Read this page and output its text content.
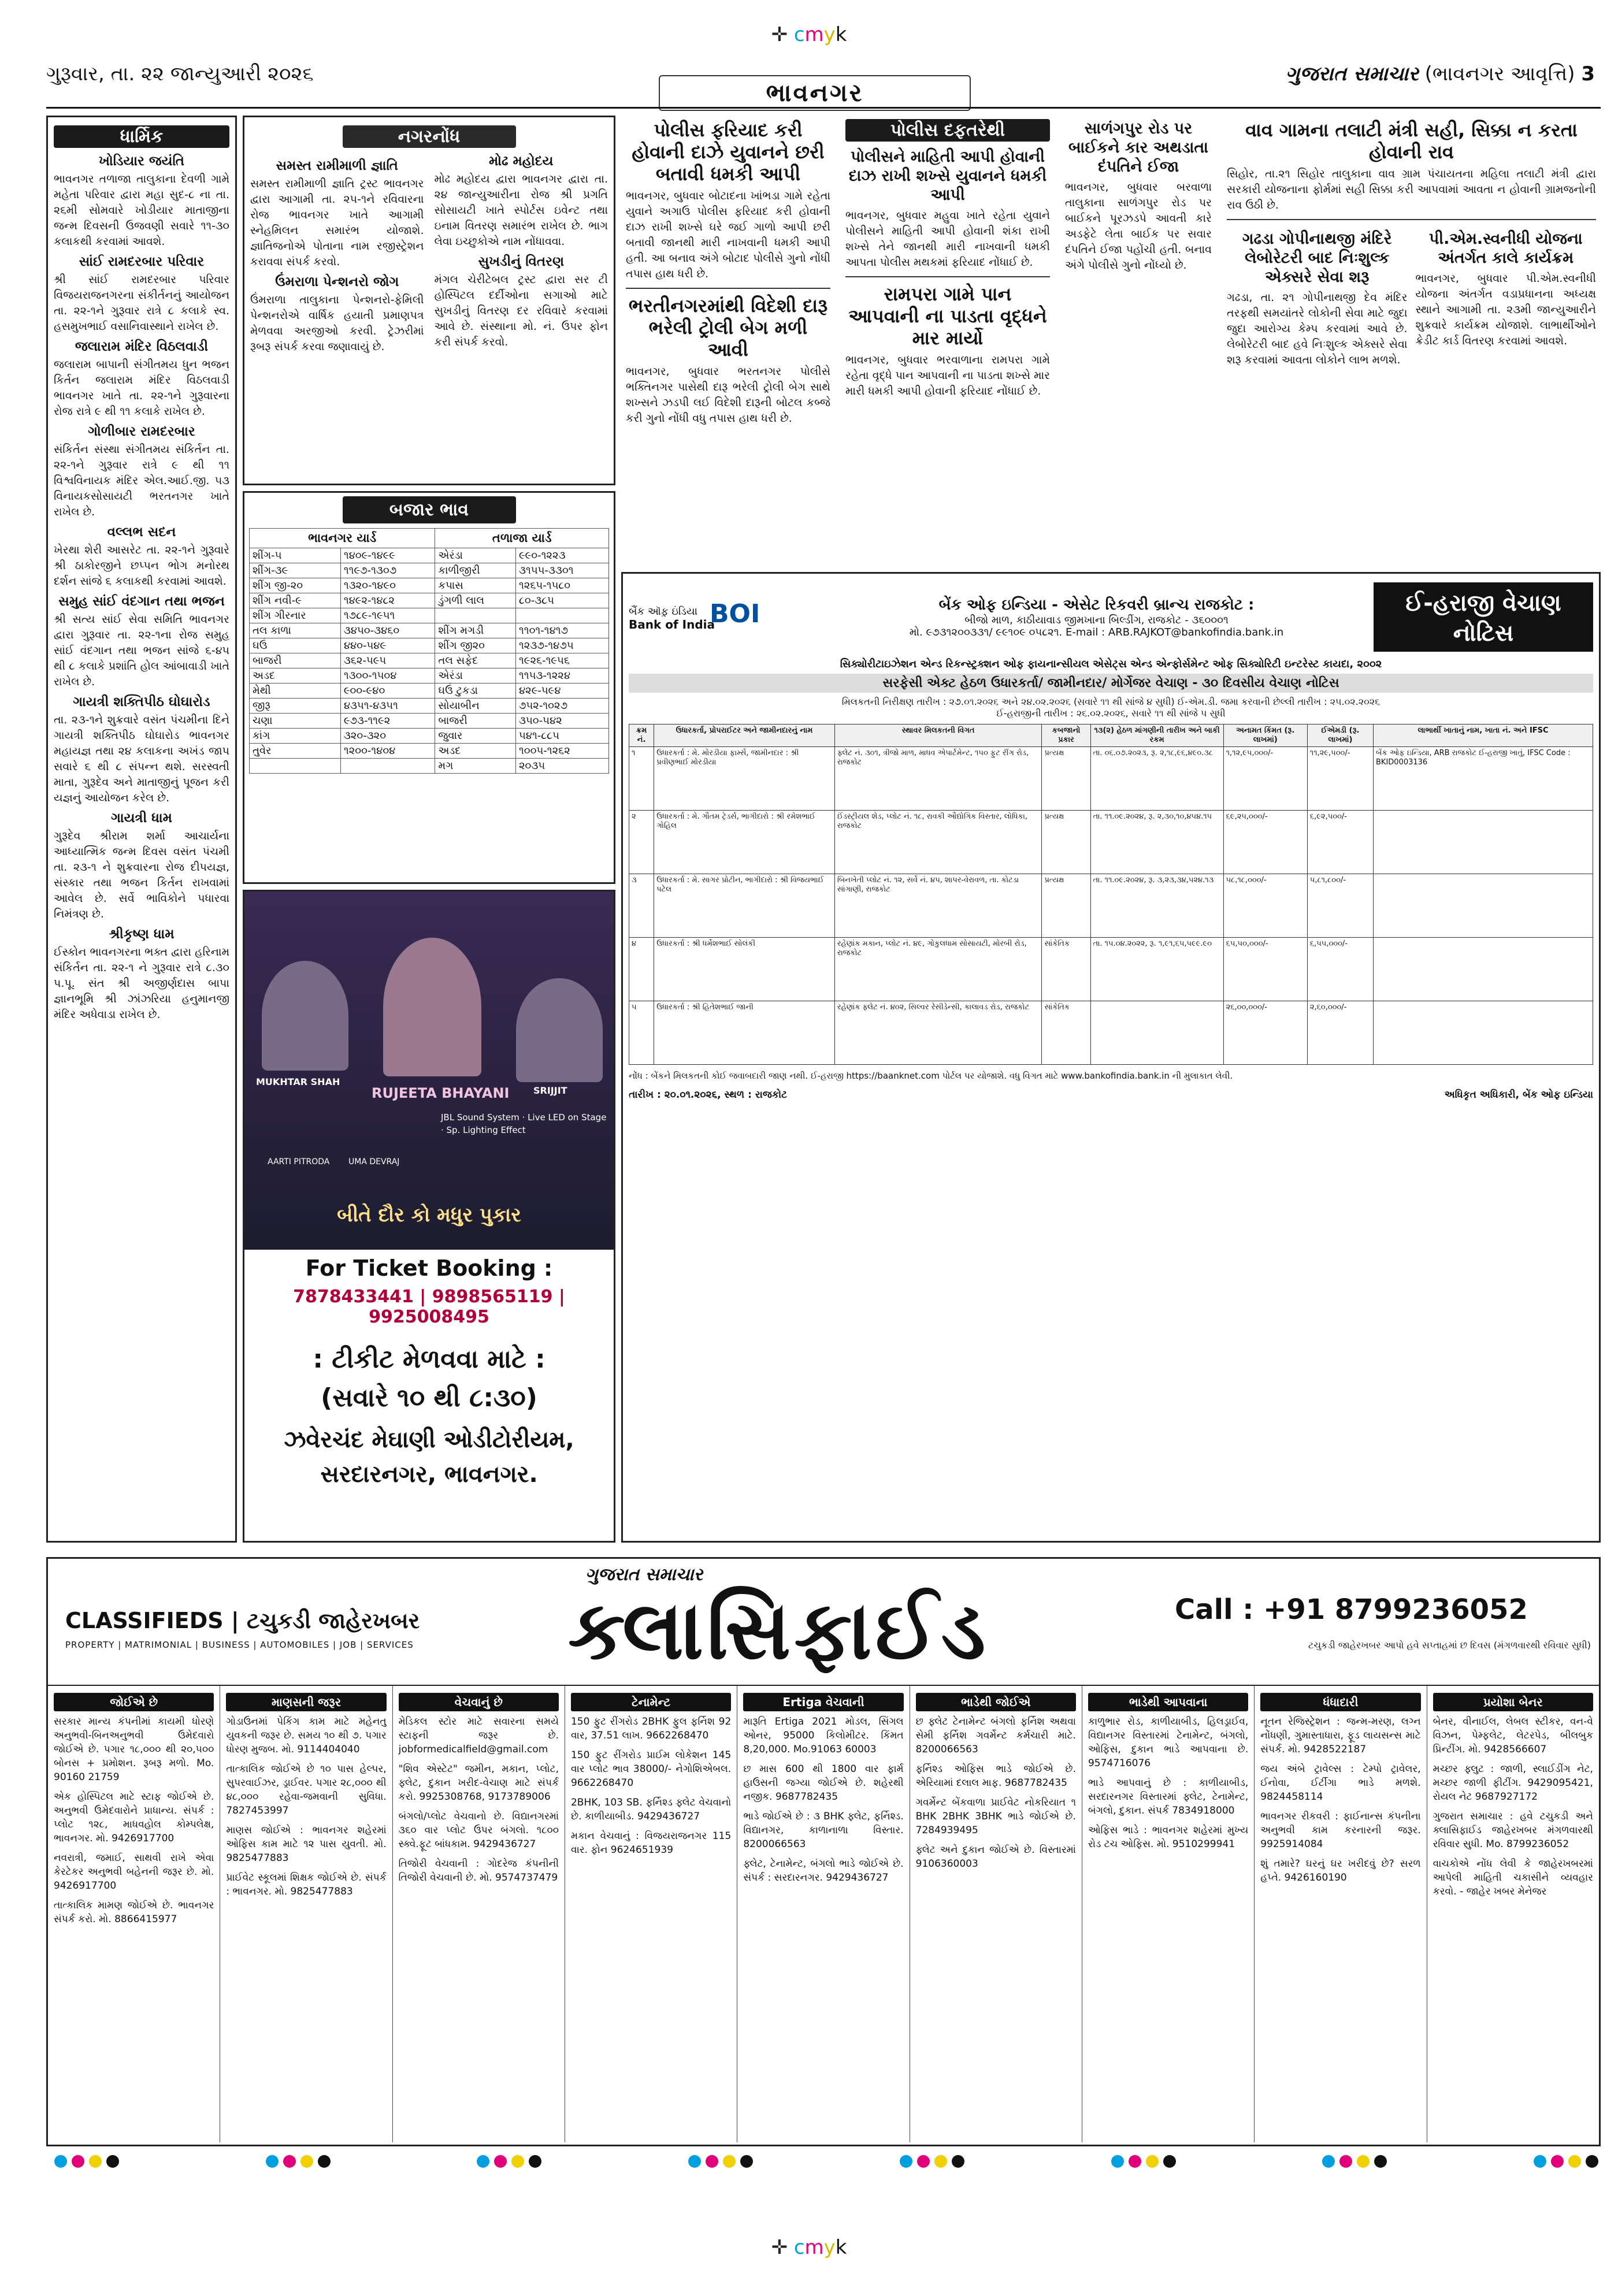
✛ cmyk
ગુરૂવાર, તા. ૨૨ જાન્યુઆરી ૨૦૨૬
ભાવનગર
ગુજરાત સમાચાર (ભાવનગર આવૃત્તિ) 3
ધાર્મિક
ખોડિયાર જયંતિ

ભાવનગર તળાજા તાલુકાના દેવળી ગામે મહેતા પરિવાર દ્વારા મહા સુદ-૮ ના તા. ૨૬મી સોમવારે ખોડીયાર માતાજીના જન્મ દિવસની ઉજવણી સવારે ૧૧-૩૦ કલાકથી કરવામાં આવશે.

સાંઈ રામદરબાર પરિવાર

શ્રી સાંઈ રામદરબાર પરિવાર વિજયરાજનગરના સંકીર્તનનું આયોજન તા. ૨૨-૧ને ગુરૂવાર રાત્રે ૮ કલાકે સ્વ. હસમુખભાઈ વસાનિવાસ્થાને રાખેલ છે.

જલારામ મંદિર વિઠલવાડી

જલારામ બાપાની સંગીતમય ધુન ભજન કિર્તન જલારામ મંદિર વિઠલવાડી ભાવનગર ખાતે તા. ૨૨-૧ને ગુરૂવારના રોજ રાત્રે ૯ થી ૧૧ કલાકે રાખેલ છે.

ગોળીબાર રામદરબાર

સંકિર્તન સંસ્થા સંગીતમય સંકિર્તન તા. ૨૨-૧ને ગુરૂવાર રાત્રે ૯ થી ૧૧ વિશ્વવિનાયક મંદિર એલ.આઈ.જી. ૫૩ વિનાયકસોસાયટી ભરતનગર ખાતે રાખેલ છે.

વલ્લભ સદન

ખેરથા શેરી આસરેટ તા. ૨૨-૧ને ગુરૂવારે શ્રી ઠાકોરજીને છપ્પન ભોગ મનોરથ દર્શન સાંજે ૬ કલાકથી કરવામાં આવશે.

સમુહ સાંઈ વંદગાન તથા ભજન

શ્રી સત્ય સાંઈ સેવા સમિતિ ભાવનગર દ્વારા ગુરૂવાર તા. ૨૨-૧ના રોજ સમુહ સાંઈ વંદગાન તથા ભજન સાંજે ૬-૪૫ થી ૮ કલાકે પ્રશાંતિ હોલ આંબાવાડી ખાતે રાખેલ છે.

ગાયત્રી શક્તિપીઠ ઘોઘારોડ

તા. ૨૩-૧ને શુક્રવારે વસંત પંચમીના દિને ગાયત્રી શક્તિપીઠ ઘોઘારોડ ભાવનગર મહાયજ્ઞ તથા ૨૪ કલાકના અખંડ જાપ સવારે ૬ થી ૮ સંપન્ન થશે. સરસ્વતી માતા, ગુરૂદેવ અને માતાજીનું પૂજન કરી યજ્ઞનું આયોજન કરેલ છે.

ગાયત્રી ધામ

ગુરૂદેવ શ્રીરામ શર્મા આચાર્યના આધ્યાત્મિક જન્મ દિવસ વસંત પંચમી તા. ૨૩-૧ ને શુક્રવારના રોજ દીપયજ્ઞ, સંસ્કાર તથા ભજન કિર્તન રાખવામાં આવેલ છે. સર્વે ભાવિકોને પધારવા નિમંત્રણ છે.

શ્રીકૃષ્ણ ધામ

ઈસ્કોન ભાવનગરના ભક્ત દ્વારા હરિનામ સંકિર્તન તા. ૨૨-૧ ને ગુરૂવાર રાત્રે ૮.૩૦ પ.પૂ. સંત શ્રી અજીર્ણદાસ બાપા જ્ઞાનભૂમિ શ્રી ઝાંઝરિયા હનુમાનજી મંદિર અધેવાડા રાખેલ છે.

નગરનોંધ
સમસ્ત રામીમાળી જ્ઞાતિ

સમસ્ત રામીમાળી જ્ઞાતિ ટ્રસ્ટ ભાવનગર દ્વારા આગામી તા. ૨૫-૧ને રવિવારના રોજ ભાવનગર ખાતે આગામી સ્નેહમિલન સમારંભ યોજાશે. જ્ઞાતિજનોએ પોતાના નામ રજીસ્ટ્રેશન કરાવવા સંપર્ક કરવો.

ઉંમરાળા પેન્શનરો જોગ

ઉંમરાળા તાલુકાના પેન્શનરો-ફેમિલી પેન્શનરોએ વાર્ષિક હયાતી પ્રમાણપત્ર મેળવવા અરજીઓ કરવી. ટ્રેઝરીમાં રૂબરૂ સંપર્ક કરવા જણાવાયું છે.

મોઢ મહોદય

મોઢ મહોદય દ્વારા ભાવનગર દ્વારા તા. ૨૪ જાન્યુઆરીના રોજ શ્રી પ્રગતિ સોસાયટી ખાતે સ્પોર્ટસ ઇવેન્ટ તથા ઇનામ વિતરણ સમારંભ રાખેલ છે. ભાગ લેવા ઇચ્છુકોએ નામ નોંધાવવા.

સુખડીનું વિતરણ

મંગલ ચેરીટેબલ ટ્રસ્ટ દ્વારા સર ટી હોસ્પિટલ દર્દીઓના સગાઓ માટે સુખડીનું વિતરણ દર રવિવારે કરવામાં આવે છે. સંસ્થાના મો. નં. ઉપર ફોન કરી સંપર્ક કરવો.

બજાર ભાવ
ભાવનગર યાર્ડ		તળાજા યાર્ડ	
શીંગ-૫	૧૪૦૯-૧૪૯૯	એરંડા	૯૯૦-૧૨૨૩
શીંગ-૩૯	૧૧૯૭-૧૩૦૭	કાળીજીરી	૩૧૫૫-૩૩૦૧
શીંગ જી-૨૦	૧૩૨૦-૧૪૯૦	કપાસ	૧૨૬૫-૧૫૮૦
શીંગ નવી-૯	૧૪૯૨-૧૪૮૨	ડુંગળી લાલ	૮૦-૩૮૫
શીંગ ગીરનાર	૧૭૮૯-૧૯૫૧		
તલ કાળા	૩૪૫૦-૩૪૬૦	શીંગ મગડી	૧૧૦૧-૧૪૧૭
ઘઉં	૪૪૦-૫૪૯	શીંગ જી૨૦	૧૨૩૭-૧૪૭૫
બાજરી	૩૬૨-૫૯૫	તલ સફેદ	૧૯૨૬-૧૯૫૬
અડદ	૧૩૦૦-૧૫૦૪	એરંડા	૧૧૫૩-૧૨૨૪
મેથી	૯૦૦-૯૪૦	ઘઉં ટુકડા	૪૨૯-૫૯૪
જીરૂ	૪૩૫૧-૪૩૫૧	સોયાબીન	૭૫૨-૧૦૨૭
ચણા	૯૭૩-૧૧૯૨	બાજરી	૩૫૦-૫૪૨
કાંગ	૩૨૦-૩૨૦	જુવાર	૫૪૧-૮૮૫
તુવેર	૧૨૦૦-૧૪૦૪	અડદ	૧૦૦૫-૧૨૬૨
		મગ	૨૦૩૫
MUKHTAR SHAH
RUJEETA BHAYANI	SRIJJIT
AARTI PITRODA UMA DEVRAJ
JBL Sound System · Live LED on Stage · Sp. Lighting Effect
બીતે દૌર કો મધુર પુકાર
For Ticket Booking :
7878433441 | 9898565119 | 9925008495
: ટીકીટ મેળવવા માટે :
(સવારે ૧૦ થી ૮:૩૦)
ઝવેરચંદ મેઘાણી ઓડીટોરીયમ,
સરદારનગર, ભાવનગર.
પોલીસ ફરિયાદ કરી હોવાની દાઝે યુવાનને છરી બતાવી ધમકી આપી

ભાવનગર, બુધવાર બોટાદના ખાંભડા ગામે રહેતા યુવાને અગાઉ પોલીસ ફરિયાદ કરી હોવાની દાઝ રાખી શખ્સે ઘરે જઈ ગાળો આપી છરી બતાવી જાનથી મારી નાખવાની ધમકી આપી હતી. આ બનાવ અંગે બોટાદ પોલીસે ગુનો નોંધી તપાસ હાથ ધરી છે.

ભરતીનગરમાંથી વિદેશી દારૂ ભરેલી ટ્રોલી બેગ મળી આવી

ભાવનગર, બુધવાર ભરતનગર પોલીસે ભક્તિનગર પાસેથી દારૂ ભરેલી ટ્રોલી બેગ સાથે શખ્સને ઝડપી લઈ વિદેશી દારૂની બોટલ કબ્જે કરી ગુનો નોંધી વધુ તપાસ હાથ ધરી છે.

પોલીસ દફતરેથી
પોલીસને માહિતી આપી હોવાની દાઝ રાખી શખ્સે યુવાનને ધમકી આપી

ભાવનગર, બુધવાર મહુવા ખાતે રહેતા યુવાને પોલીસને માહિતી આપી હોવાની શંકા રાખી શખ્સે તેને જાનથી મારી નાખવાની ધમકી આપતા પોલીસ મથકમાં ફરિયાદ નોંધાઈ છે.

રામપરા ગામે પાન આપવાની ના પાડતા વૃદ્ધને માર માર્યો

ભાવનગર, બુધવાર ભરવાળાના રામપરા ગામે રહેતા વૃદ્ધે પાન આપવાની ના પાડતા શખ્સે માર મારી ધમકી આપી હોવાની ફરિયાદ નોંધાઈ છે.

સાળંગપુર રોડ પર બાઈકને કાર અથડાતા દંપતિને ઈજા

ભાવનગર, બુધવાર બરવાળા તાલુકાના સાળંગપુર રોડ પર બાઈકને પૂરઝડપે આવતી કારે અડફેટે લેતા બાઈક પર સવાર દંપતિને ઈજા પહોંચી હતી. બનાવ અંગે પોલીસે ગુનો નોંધ્યો છે.

વાવ ગામના તલાટી મંત્રી સહી, સિક્કા ન કરતા હોવાની રાવ

સિહોર, તા.૨૧ સિહોર તાલુકાના વાવ ગ્રામ પંચાયતના મહિલા તલાટી મંત્રી દ્વારા સરકારી યોજનાના ફોર્મમાં સહી સિક્કા કરી આપવામાં આવતા ન હોવાની ગ્રામજનોની રાવ ઉઠી છે.

ગઢડા ગોપીનાથજી મંદિરે લેબોરેટરી બાદ નિઃશુલ્ક એક્સરે સેવા શરૂ

ગઢડા, તા. ૨૧ ગોપીનાથજી દેવ મંદિર તરફથી સમયાંતરે લોકોની સેવા માટે જુદા જુદા આરોગ્ય કેમ્પ કરવામાં આવે છે. લેબોરેટરી બાદ હવે નિઃશુલ્ક એક્સરે સેવા શરૂ કરવામાં આવતા લોકોને લાભ મળશે.

પી.એમ.સ્વનીધી યોજના અંતર્ગત કાલે કાર્યક્રમ

ભાવનગર, બુધવાર પી.એમ.સ્વનીધી યોજના અંતર્ગત વડાપ્રધાનના અધ્યક્ષ સ્થાને આગામી તા. ૨૩મી જાન્યુઆરીને શુક્રવારે કાર્યક્રમ યોજાશે. લાભાર્થીઓને ક્રેડીટ કાર્ડ વિતરણ કરવામાં આવશે.

બૈંક ઑફ઼ ઇંડિયા
Bank of India
BOI	બેંક ઓફ ઇન્ડિયા - એસેટ રિકવરી બ્રાન્ચ રાજકોટ :
બીજો માળ, કાઠીયાવાડ જીમખાના બિલ્ડીંગ, રાજકોટ - ૩૬૦૦૦૧
મો. ૯૭૩૧૨૦૦૩૩૧/ ૯૯૧૦૯ ૦૫૮૨૧. E-mail : ARB.RAJKOT@bankofindia.bank.in
ઈ-હરાજી વેચાણ નોટિસ
સિક્યોરીટાઇઝેશન એન્ડ રિકન્સ્ટ્રક્શન ઓફ ફાયનાન્સીયલ એસેટ્સ એન્ડ એન્ફોર્સમેન્ટ ઓફ સિક્યોરિટી ઇન્ટરેસ્ટ કાયદા, ૨૦૦૨
સરફેસી એક્ટ હેઠળ ઉધારકર્તા/ જામીનદાર/ મોર્ગેજર વેચાણ - ૩૦ દિવસીય વેચાણ નોટિસ
મિલકતની નિરીક્ષણ તારીખ : ૨૭.૦૧.૨૦૨૬ અને ૨૪.૦૨.૨૦૨૬ (સવારે ૧૧ થી સાંજે ૪ સુધી) ઈ-એમ.ડી. જમા કરવાની છેલ્લી તારીખ : ૨૫.૦૨.૨૦૨૬
ઈ-હરાજીની તારીખ : ૨૬.૦૨.૨૦૨૬, સવારે ૧૧ થી સાંજે ૫ સુધી
ક્રમ નં.	ઉધારકર્તા, પ્રોપરાઈટર અને જામીનદારનું નામ	સ્થાવર મિલકતની વિગત	કબજાનો પ્રકાર	૧૩(૨) હેઠળ માંગણીની તારીખ અને બાકી રકમ	અનામત કિંમત (રૂ. લાખમાં)	ઈએમડી (રૂ. લાખમાં)	લાભાર્થી ખાતાનું નામ, ખાતા નં. અને IFSC
૧	ઉધારકર્તા : મે. મોરડીયા ફાર્મ્સ, જામીનદાર : શ્રી પ્રવીણભાઈ મોરડીયા	ફ્લેટ નં. ૩૦૧, ત્રીજો માળ, માધવ એપાર્ટમેન્ટ, ૧૫૦ ફુટ રીંગ રોડ, રાજકોટ	પ્રત્યક્ષ	તા. ૦૬.૦૭.૨૦૨૩, રૂ. ૨,૧૮,૯૬,૪૯૦.૩૮	૧,૧૨,૯૫,૦૦૦/-	૧૧,૨૯,૫૦૦/-	બેંક ઓફ ઇન્ડિયા, ARB રાજકોટ ઈ-હરાજી ખાતું, IFSC Code : BKID0003136
૨	ઉધારકર્તા : મે. ગૌતમ ટ્રેડર્સ, ભાગીદારો : શ્રી રમેશભાઈ ગોહિલ	ઈંડસ્ટ્રીયલ શેડ, પ્લોટ નં. ૧૮, રાવકી ઔદ્યોગિક વિસ્તાર, લોધિકા, રાજકોટ	પ્રત્યક્ષ	તા. ૧૧.૦૯.૨૦૨૪, રૂ. ૨,૩૦,૧૦,૪૫૪.૧૫	૬૯,૨૫,૦૦૦/-	૬,૯૨,૫૦૦/-	
૩	ઉધારકર્તા : મે. સાગર પ્રોટીન, ભાગીદારો : શ્રી વિજયભાઈ પટેલ	બિનખેતી પ્લોટ નં. ૧૨, સર્વે નં. ૪૫, શાપર-વેરાવળ, તા. કોટડા સાંગાણી, રાજકોટ	પ્રત્યક્ષ	તા. ૧૧.૦૯.૨૦૨૪, રૂ. ૩,૨૩,૩૪,૫૨૪.૧૩	૫૮,૧૮,૦૦૦/-	૫,૮૧,૮૦૦/-	
૪	ઉધારકર્તા : શ્રી ધર્મેશભાઈ સોલંકી	રહેણાંક મકાન, પ્લોટ નં. ૪૯, ગોકુલધામ સોસાયટી, મોરબી રોડ, રાજકોટ	સાંકેતિક	તા. ૧૫.૦૪.૨૦૨૨, રૂ. ૧,૯૧,૬૫,૫૯૯.૯૦	૬૫,૫૦,૦૦૦/-	૬,૫૫,૦૦૦/-	
૫	ઉધારકર્તા : શ્રી હિતેશભાઈ જાની	રહેણાંક ફ્લેટ નં. ૪૦૨, સિલ્વર રેસીડેન્સી, કાલાવડ રોડ, રાજકોટ	સાંકેતિક		૨૬,૦૦,૦૦૦/-	૨,૬૦,૦૦૦/-	
નોંધ : બેંકને મિલકતની કોઈ જવાબદારી જાણ નથી. ઈ-હરાજી https://baanknet.com પોર્ટલ પર યોજાશે. વધુ વિગત માટે www.bankofindia.bank.in ની મુલાકાત લેવી.
તારીખ : ૨૦.૦૧.૨૦૨૬, સ્થળ : રાજકોટ	અધિકૃત અધિકારી, બેંક ઓફ ઇન્ડિયા
CLASSIFIEDS | ટચુકડી જાહેરખબર
PROPERTY | MATRIMONIAL | BUSINESS | AUTOMOBILES | JOB | SERVICES
ગુજરાત સમાચાર
ક્લાસિફાઈડ	Call : +91 8799236052
ટચુકડી જાહેરખબર આપો હવે સપ્તાહમાં છ દિવસ (મંગળવારથી રવિવાર સુધી)
જોઈએ છે

સરકાર માન્ય કંપનીમાં કાયમી ધોરણે અનુભવી-બિનઅનુભવી ઉમેદવારો જોઈએ છે. પગાર ૧૮,૦૦૦ થી ૨૦,૫૦૦ બોનસ + પ્રમોશન. રૂબરૂ મળો. Mo. 90160 21759

એક હોસ્પિટલ માટે સ્ટાફ જોઈએ છે. અનુભવી ઉમેદવારોને પ્રાધાન્ય. સંપર્ક : પ્લોટ ૧૨૮, માધવહોલ કોમ્પલેક્ષ, ભાવનગર. મો. 9426917700

નવરાત્રી, જમાઈ, સાથવી રાખે એવા કેરટેકર અનુભવી બહેનની જરૂર છે. મો. 9426917700

તાત્કાલિક મામણ જોઈએ છે. ભાવનગર સંપર્ક કરો. મો. 8866415977

માણસની જરૂર

ગોડાઉનમાં પેકિંગ કામ માટે મહેનતુ યુવકની જરૂર છે. સમય ૧૦ થી ૭. પગાર ધોરણ મુજબ. મો. 9114404040

તાત્કાલિક જોઈએ છે ૧૦ પાસ હેલ્પર, સુપરવાઈઝર, ડ્રાઈવર. પગાર ૨૮,૦૦૦ થી ૪૮,૦૦૦ રહેવા-જમવાની સુવિધા. 7827453997

માણસ જોઈએ : ભાવનગર શહેરમાં ઓફિસ કામ માટે ૧૨ પાસ યુવતી. મો. 9825477883

પ્રાઈવેટ સ્કૂલમાં શિક્ષક જોઈએ છે. સંપર્ક : ભાવનગર. મો. 9825477883

વેચવાનું છે

મેડિકલ સ્ટોર માટે સવારના સમયે સ્ટાફની જરૂર છે. jobformedicalfield@gmail.com

"શિવ એસ્ટેટ" જમીન, મકાન, પ્લોટ, ફ્લેટ, દુકાન ખરીદ-વેચાણ માટે સંપર્ક કરો. 9925308768, 9173789006

બંગલો/પ્લોટ વેચવાનો છે. વિદ્યાનગરમાં ૩૬૦ વાર પ્લોટ ઉપર બંગલો. ૧૮૦૦ સ્ક્વે.ફૂટ બાંધકામ. 9429436727

તિજોરી વેચવાની : ગોદરેજ કંપનીની તિજોરી વેચવાની છે. મો. 9574737479

ટેનામેન્ટ

150 ફુટ રીંગરોડ 2BHK ફુલ ફર્નિશ 92 વાર, 37.51 લાખ. 9662268470

150 ફુટ રીંગરોડ પ્રાઈમ લોકેશન 145 વાર પ્લોટ ભાવ 38000/- નેગોશિએબલ. 9662268470

2BHK, 103 SB. ફર્નિશ્ડ ફ્લેટ વેચવાનો છે. કાળીયાબીડ. 9429436727

મકાન વેચવાનું : વિજયરાજનગર 115 વાર. ફોન 9624651939

Ertiga વેચવાની

મારૂતિ Ertiga 2021 મોડલ, સિંગલ ઓનર, 95000 કિલોમીટર. કિંમત 8,20,000. Mo.91063 60003

છ માસ 600 થી 1800 વાર ફાર્મ હાઉસની જગ્યા જોઈએ છે. શહેરથી નજીક. 9687782435

ભાડે જોઈએ છે : ૩ BHK ફ્લેટ, ફર્નિશ્ડ. વિદ્યાનગર, કાળાનાળા વિસ્તાર. 8200066563

ફ્લેટ, ટેનામેન્ટ, બંગલો ભાડે જોઈએ છે. સંપર્ક : સરદારનગર. 9429436727

ભાડેથી જોઈએ

છ ફ્લેટ ટેનામેન્ટ બંગલો ફર્નિશ અથવા સેમી ફર્નિશ ગવર્મેન્ટ કર્મચારી માટે. 8200066563

ફર્નિશ્ડ ઓફિસ ભાડે જોઈએ છે. એરિયામાં દલાલ માફ. 9687782435

ગવર્મેન્ટ બેંકવાળા પ્રાઈવેટ નોકરિયાત ૧ BHK 2BHK 3BHK ભાડે જોઈએ છે. 7284939495

ફ્લેટ અને દુકાન જોઈએ છે. વિસ્તારમાં 9106360003

ભાડેથી આપવાના

કાળુભાર રોડ, કાળીયાબીડ, હિલડ્રાઈવ, વિદ્યાનગર વિસ્તારમાં ટેનામેન્ટ, બંગલો, ઓફિસ, દુકાન ભાડે આપવાના છે. 9574716076

ભાડે આપવાનું છે : કાળીયાબીડ, સરદારનગર વિસ્તારમાં ફ્લેટ, ટેનામેન્ટ, બંગલો, દુકાન. સંપર્ક 7834918000

ઓફિસ ભાડે : ભાવનગર શહેરમાં મુખ્ય રોડ ટચ ઓફિસ. મો. 9510299941

ધંધાદારી

નૂતન રેજિસ્ટ્રેશન : જન્મ-મરણ, લગ્ન નોંધણી, ગુમાસ્તાધારા, ફૂડ લાયસન્સ માટે સંપર્ક. મો. 9428522187

જય અંબે ટ્રાવેલ્સ : ટેમ્પો ટ્રાવેલર, ઈનોવા, ઈર્ટીગા ભાડે મળશે. 9824458114

ભાવનગર રીકવરી : ફાઈનાન્સ કંપનીના અનુભવી કામ કરનારની જરૂર. 9925914084

શું તમારે? ઘરનું ઘર ખરીદવું છે? સરળ હપ્તે. 9426160190

પ્રયોશા બેનર

બેનર, વીનાઈલ, લેબલ સ્ટીકર, વન-વે વિઝન, પેમ્ફલેટ, લેટરપેડ, બીલબુક પ્રિન્ટીંગ. મો. 9428566607

મચ્છર ફ્લુટ : જાળી, સ્લાઈડીંગ નેટ, મચ્છર જાળી ફીટીંગ. 9429095421, રોયલ નેટ 9687927172

ગુજરાત સમાચાર : હવે ટચુકડી અને ક્લાસિફાઈડ જાહેરખબર મંગળવારથી રવિવાર સુધી. Mo. 8799236052

વાચકોએ નોંધ લેવી કે જાહેરખબરમાં આપેલી માહિતી ચકાસીને વ્યવહાર કરવો. - જાહેર ખબર મેનેજર

✛ cmyk
